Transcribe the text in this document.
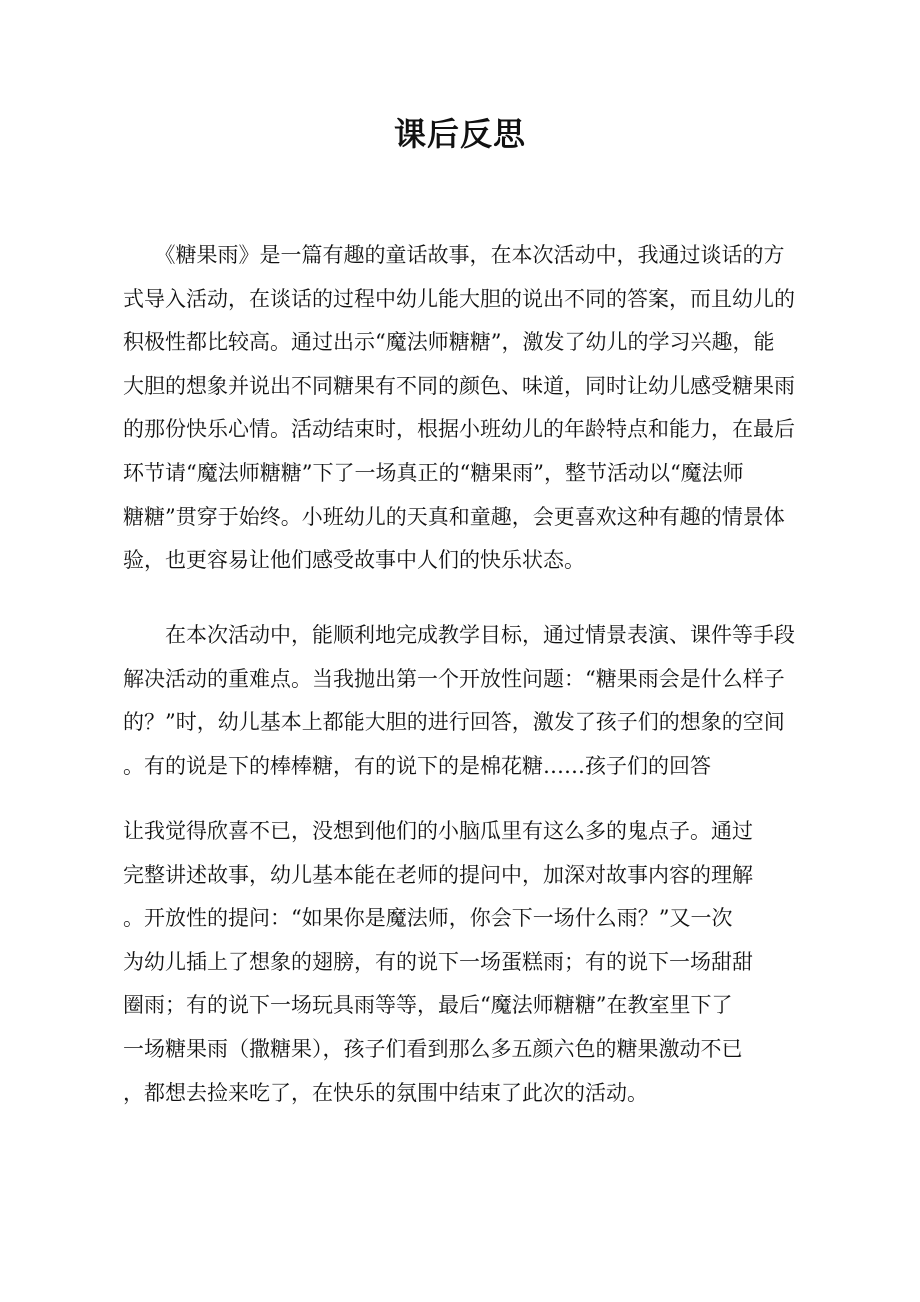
课后反思
　　《糖果雨》是一篇有趣的童话故事，在本次活动中，我通过谈话的方
式导入活动，在谈话的过程中幼儿能大胆的说出不同的答案，而且幼儿的
积极性都比较高。通过出示“魔法师糖糖”，激发了幼儿的学习兴趣，能
大胆的想象并说出不同糖果有不同的颜色、味道，同时让幼儿感受糖果雨
的那份快乐心情。活动结束时，根据小班幼儿的年龄特点和能力，在最后
环节请“魔法师糖糖”下了一场真正的“糖果雨”，整节活动以“魔法师
糖糖”贯穿于始终。小班幼儿的天真和童趣，会更喜欢这种有趣的情景体
验，也更容易让他们感受故事中人们的快乐状态。
　　在本次活动中，能顺利地完成教学目标，通过情景表演、课件等手段
解决活动的重难点。当我抛出第一个开放性问题：“糖果雨会是什么样子
的？”时，幼儿基本上都能大胆的进行回答，激发了孩子们的想象的空间
。有的说是下的棒棒糖，有的说下的是棉花糖……孩子们的回答
让我觉得欣喜不已，没想到他们的小脑瓜里有这么多的鬼点子。通过
完整讲述故事，幼儿基本能在老师的提问中，加深对故事内容的理解
。开放性的提问：“如果你是魔法师，你会下一场什么雨？”又一次
为幼儿插上了想象的翅膀，有的说下一场蛋糕雨；有的说下一场甜甜
圈雨；有的说下一场玩具雨等等，最后“魔法师糖糖”在教室里下了
一场糖果雨（撒糖果），孩子们看到那么多五颜六色的糖果激动不已
，都想去捡来吃了，在快乐的氛围中结束了此次的活动。
